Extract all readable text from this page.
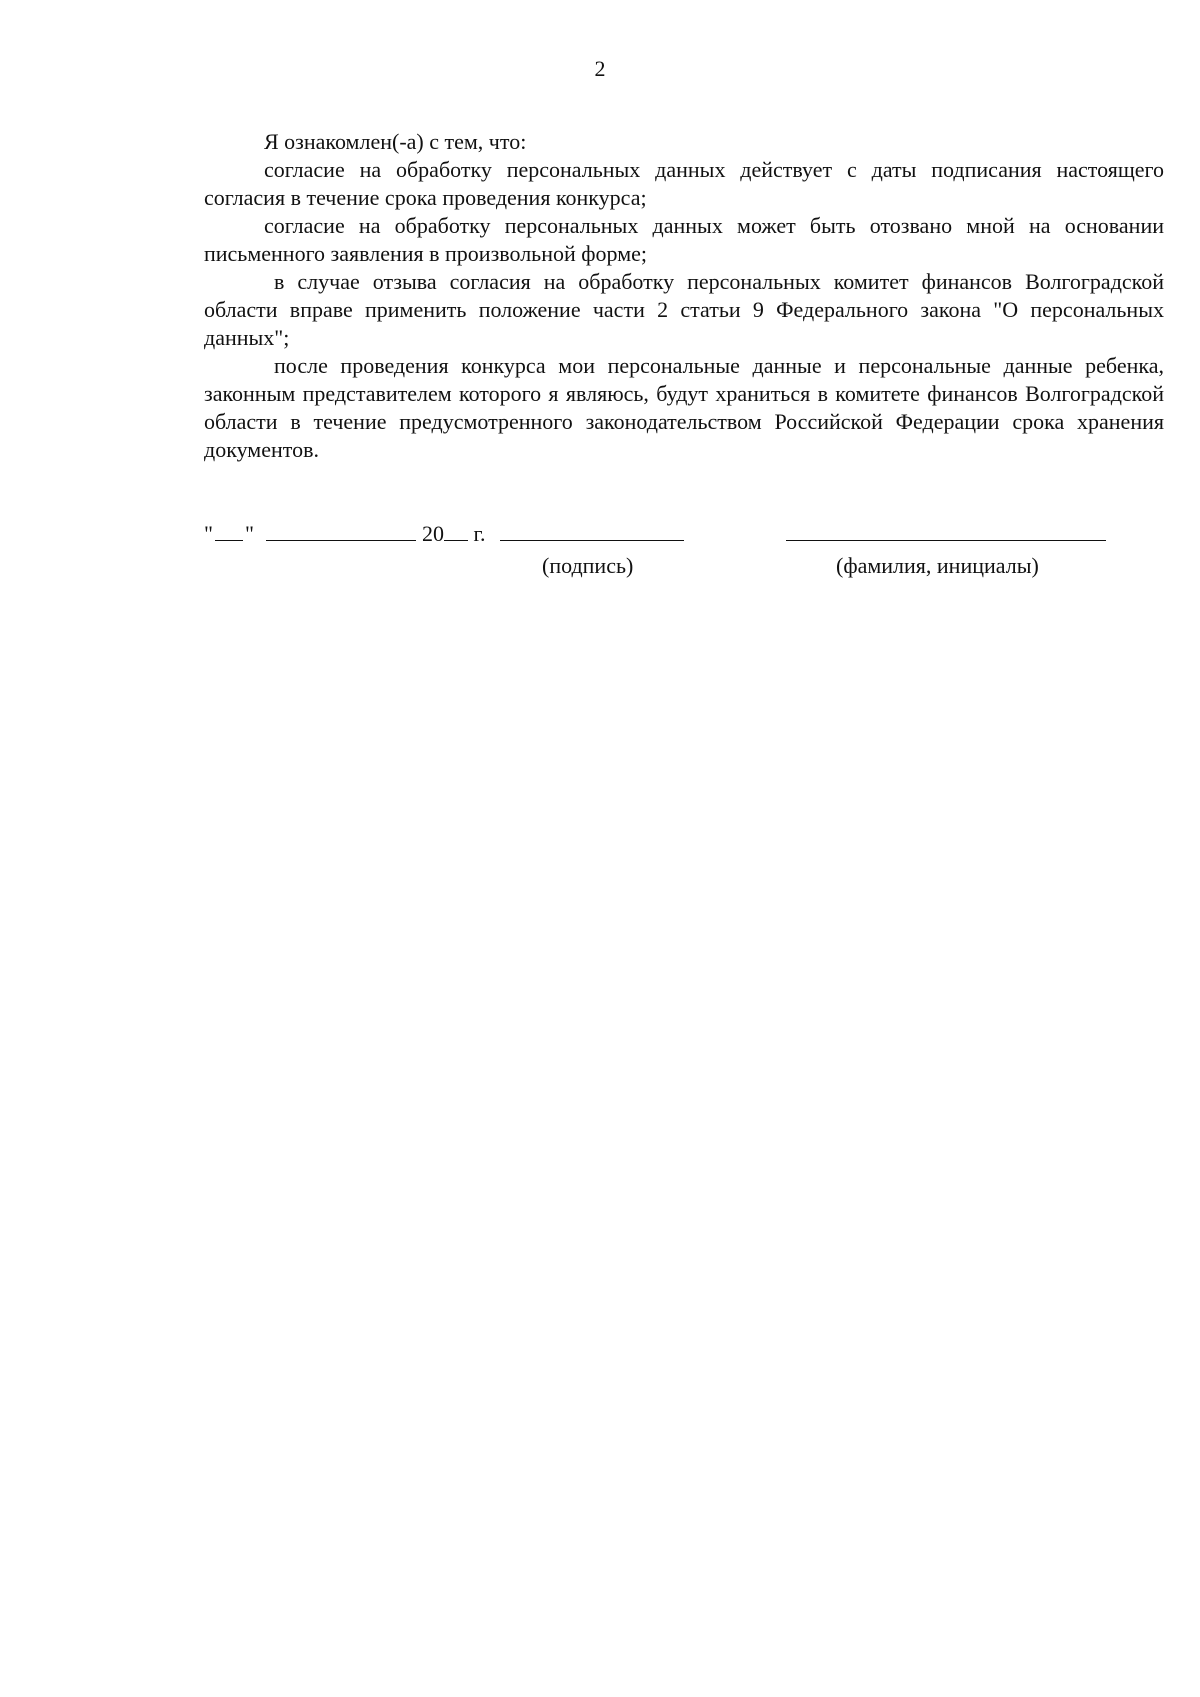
2

Я ознакомлен(-а) с тем, что:

согласие на обработку персональных данных действует с даты подписания настоящего согласия в течение срока проведения конкурса;

согласие на обработку персональных данных может быть отозвано мной на основании письменного заявления в произвольной форме;

в случае отзыва согласия на обработку персональных комитет финансов Волгоградской области вправе применить положение части 2 статьи 9 Федерального закона "О персональных данных";

после проведения конкурса мои персональные данные и персональные данные ребенка, законным представителем которого я являюсь, будут храниться в комитете финансов Волгоградской области в течение предусмотренного законодательством Российской Федерации срока хранения документов.

" "	20 г.
(подпись)	(фамилия, инициалы)
